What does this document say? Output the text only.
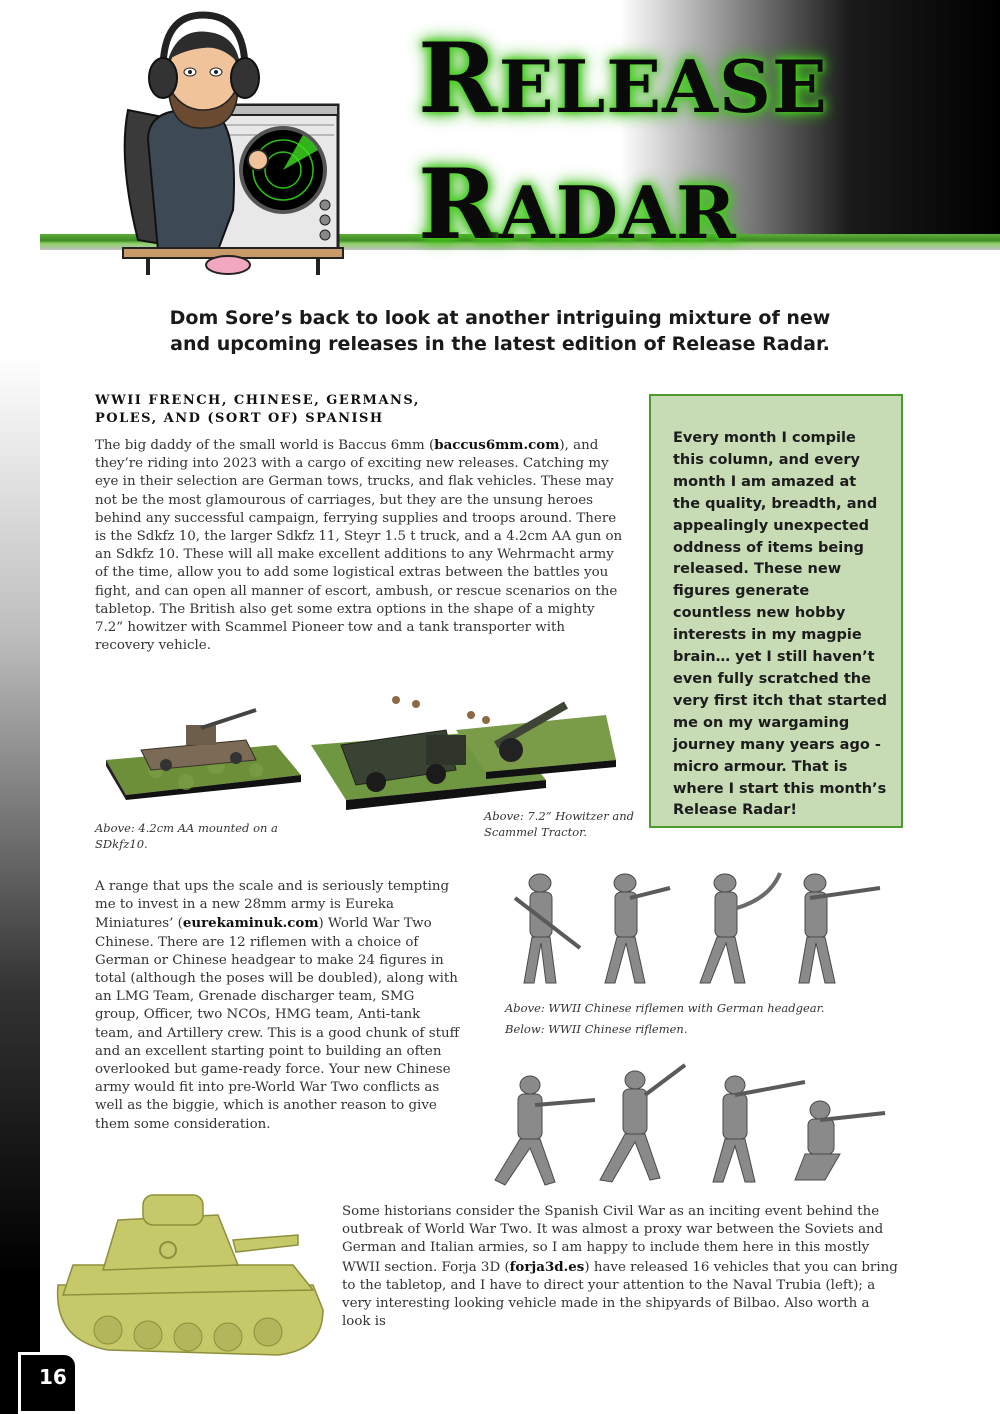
RELEASE
RADAR
Dom Sore’s back to look at another intriguing mixture of new and upcoming releases in the latest edition of Release Radar.
WWII FRENCH, CHINESE, GERMANS, POLES, AND (SORT OF) SPANISH
The big daddy of the small world is Baccus 6mm (baccus6mm.com), and they’re riding into 2023 with a cargo of exciting new releases. Catching my eye in their selection are German tows, trucks, and flak vehicles. These may not be the most glamourous of carriages, but they are the unsung heroes behind any successful campaign, ferrying supplies and troops around. There is the Sdkfz 10, the larger Sdkfz 11, Steyr 1.5 t truck, and a 4.2cm AA gun on an Sdkfz 10. These will all make excellent additions to any Wehrmacht army of the time, allow you to add some logistical extras between the battles you fight, and can open all manner of escort, ambush, or rescue scenarios on the tabletop. The British also get some extra options in the shape of a mighty 7.2” howitzer with Scammel Pioneer tow and a tank transporter with recovery vehicle.
Every month I compile this column, and every month I am amazed at the quality, breadth, and appealingly unexpected oddness of items being released. These new figures generate countless new hobby interests in my magpie brain… yet I still haven’t even fully scratched the very first itch that started me on my wargaming journey many years ago - micro armour. That is where I start this month’s Release Radar!
Above: 4.2cm AA mounted on a SDkfz10.
Above: 7.2” Howitzer and Scammel Tractor.
A range that ups the scale and is seriously tempting me to invest in a new 28mm army is Eureka Miniatures’ (eurekaminuk.com) World War Two Chinese. There are 12 riflemen with a choice of German or Chinese headgear to make 24 figures in total (although the poses will be doubled), along with an LMG Team, Grenade discharger team, SMG group, Officer, two NCOs, HMG team, Anti-tank team, and Artillery crew. This is a good chunk of stuff and an excellent starting point to building an often overlooked but game-ready force. Your new Chinese army would fit into pre-World War Two conflicts as well as the biggie, which is another reason to give them some consideration.
Above: WWII Chinese riflemen with German headgear.
Below: WWII Chinese riflemen.
Some historians consider the Spanish Civil War as an inciting event behind the outbreak of World War Two. It was almost a proxy war between the Soviets and German and Italian armies, so I am happy to include them here in this mostly WWII section. Forja 3D (forja3d.es) have released 16 vehicles that you can bring to the tabletop, and I have to direct your attention to the Naval Trubia (left); a very interesting looking vehicle made in the shipyards of Bilbao. Also worth a look is
16
